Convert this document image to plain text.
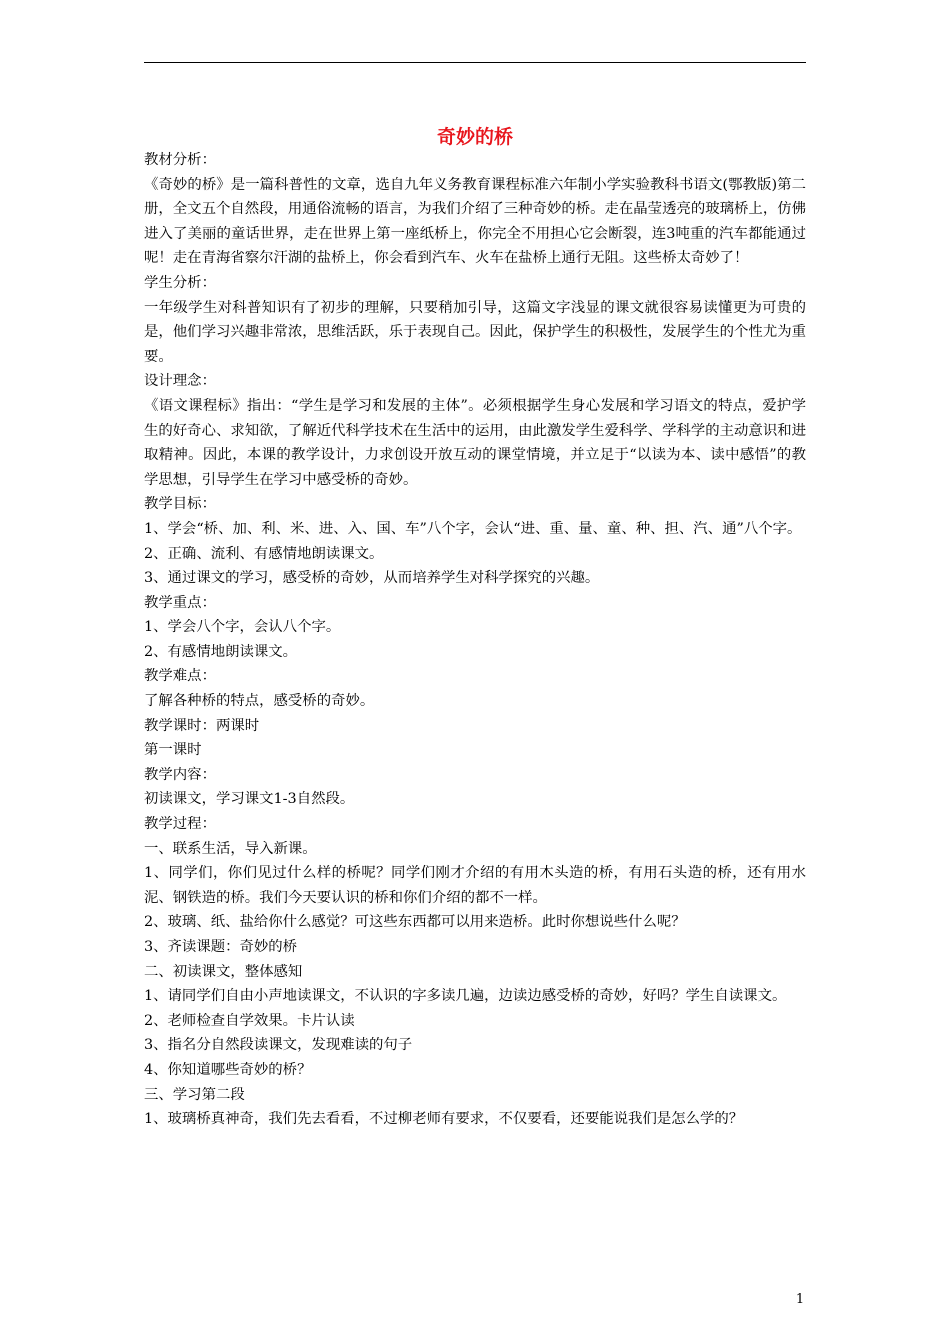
奇妙的桥

教材分析：

《奇妙的桥》是一篇科普性的文章，选自九年义务教育课程标准六年制小学实验教科书语文(鄂教版)第二册，全文五个自然段，用通俗流畅的语言，为我们介绍了三种奇妙的桥。走在晶莹透亮的玻璃桥上，仿佛进入了美丽的童话世界，走在世界上第一座纸桥上，你完全不用担心它会断裂，连3吨重的汽车都能通过呢！走在青海省察尔汗湖的盐桥上，你会看到汽车、火车在盐桥上通行无阻。这些桥太奇妙了！

学生分析：

一年级学生对科普知识有了初步的理解，只要稍加引导，这篇文字浅显的课文就很容易读懂更为可贵的是，他们学习兴趣非常浓，思维活跃，乐于表现自己。因此，保护学生的积极性，发展学生的个性尤为重要。

设计理念：

《语文课程标》指出：“学生是学习和发展的主体”。必须根据学生身心发展和学习语文的特点，爱护学生的好奇心、求知欲，了解近代科学技术在生活中的运用，由此激发学生爱科学、学科学的主动意识和进取精神。因此，本课的教学设计，力求创设开放互动的课堂情境，并立足于“以读为本、读中感悟”的教学思想，引导学生在学习中感受桥的奇妙。

教学目标：

1、学会“桥、加、利、米、进、入、国、车”八个字，会认“进、重、量、童、种、担、汽、通”八个字。

2、正确、流利、有感情地朗读课文。

3、通过课文的学习，感受桥的奇妙，从而培养学生对科学探究的兴趣。

教学重点：

1、学会八个字，会认八个字。

2、有感情地朗读课文。

教学难点：

了解各种桥的特点，感受桥的奇妙。

教学课时：两课时

第一课时

教学内容：

初读课文，学习课文1-3自然段。

教学过程：

一、联系生活，导入新课。

1、同学们，你们见过什么样的桥呢？同学们刚才介绍的有用木头造的桥，有用石头造的桥，还有用水泥、钢铁造的桥。我们今天要认识的桥和你们介绍的都不一样。

2、玻璃、纸、盐给你什么感觉？可这些东西都可以用来造桥。此时你想说些什么呢？

3、齐读课题：奇妙的桥

二、初读课文，整体感知

1、请同学们自由小声地读课文，不认识的字多读几遍，边读边感受桥的奇妙，好吗？学生自读课文。

2、老师检查自学效果。卡片认读

3、指名分自然段读课文，发现难读的句子

4、你知道哪些奇妙的桥？

三、学习第二段

1、玻璃桥真神奇，我们先去看看，不过柳老师有要求，不仅要看，还要能说我们是怎么学的？

1
